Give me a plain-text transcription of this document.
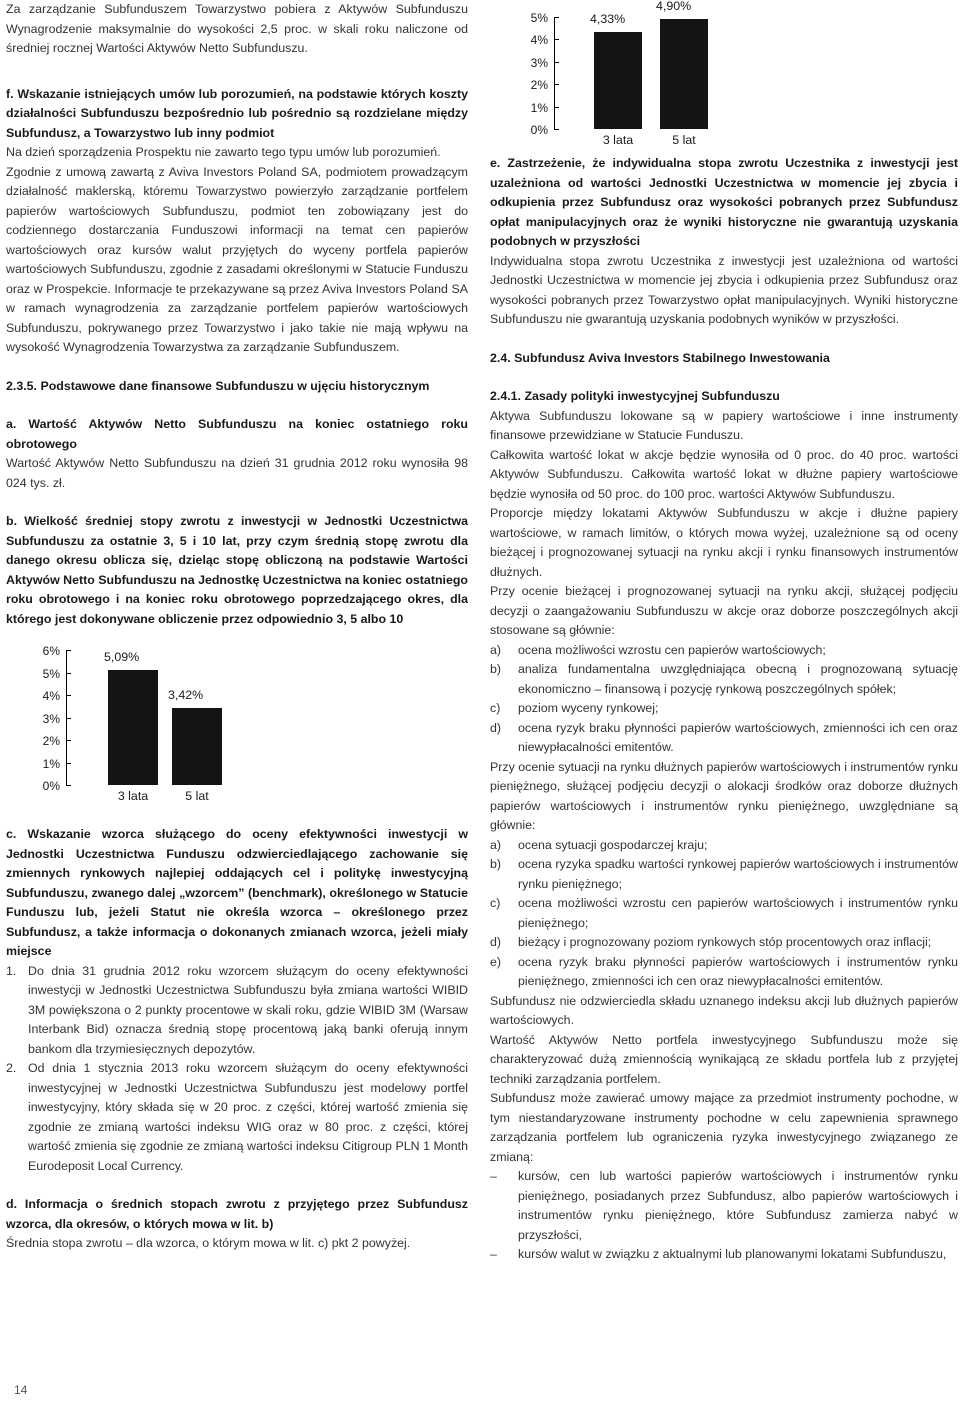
Za zarządzanie Subfunduszem Towarzystwo pobiera z Aktywów Subfunduszu Wynagrodzenie maksymalnie do wysokości 2,5 proc. w skali roku naliczone od średniej rocznej Wartości Aktywów Netto Subfunduszu.

f. Wskazanie istniejących umów lub porozumień, na podstawie których koszty działalności Subfunduszu bezpośrednio lub pośrednio są rozdzielane między Subfundusz, a Towarzystwo lub inny podmiot

Na dzień sporządzenia Prospektu nie zawarto tego typu umów lub porozumień.

Zgodnie z umową zawartą z Aviva Investors Poland SA, podmiotem prowadzącym działalność maklerską, któremu Towarzystwo powierzyło zarządzanie portfelem papierów wartościowych Subfunduszu, podmiot ten zobowiązany jest do codziennego dostarczania Funduszowi informacji na temat cen papierów wartościowych oraz kursów walut przyjętych do wyceny portfela papierów wartościowych Subfunduszu, zgodnie z zasadami określonymi w Statucie Funduszu oraz w Prospekcie. Informacje te przekazywane są przez Aviva Investors Poland SA w ramach wynagrodzenia za zarządzanie portfelem papierów wartościowych Subfunduszu, pokrywanego przez Towarzystwo i jako takie nie mają wpływu na wysokość Wynagrodzenia Towarzystwa za zarządzanie Subfunduszem.

2.3.5. Podstawowe dane finansowe Subfunduszu w ujęciu historycznym

a. Wartość Aktywów Netto Subfunduszu na koniec ostatniego roku obrotowego

Wartość Aktywów Netto Subfunduszu na dzień 31 grudnia 2012 roku wynosiła 98 024 tys. zł.

b. Wielkość średniej stopy zwrotu z inwestycji w Jednostki Uczestnictwa Subfunduszu za ostatnie 3, 5 i 10 lat, przy czym średnią stopę zwrotu dla danego okresu oblicza się, dzieląc stopę obliczoną na podstawie Wartości Aktywów Netto Subfunduszu na Jednostkę Uczestnictwa na koniec ostatniego roku obrotowego i na koniec roku obrotowego poprzedzającego okres, dla którego jest dokonywane obliczenie przez odpowiednio 3, 5 albo 10

0%
1%
2%
3%
4%
5%
6%	5,09%
3 lata
3,42%
5 lat

c. Wskazanie wzorca służącego do oceny efektywności inwestycji w Jednostki Uczestnictwa Funduszu odzwierciedlającego zachowanie się zmiennych rynkowych najlepiej oddających cel i politykę inwestycyjną Subfunduszu, zwanego dalej „wzorcem” (benchmark), określonego w Statucie Funduszu lub, jeżeli Statut nie określa wzorca – określonego przez Subfundusz, a także informacja o dokonanych zmianach wzorca, jeżeli miały miejsce

1. Do dnia 31 grudnia 2012 roku wzorcem służącym do oceny efektywności inwestycji w Jednostki Uczestnictwa Subfunduszu była zmiana wartości WIBID 3M powiększona o 2 punkty procentowe w skali roku, gdzie WIBID 3M (Warsaw Interbank Bid) oznacza średnią stopę procentową jaką banki oferują innym bankom dla trzymiesięcznych depozytów.
2. Od dnia 1 stycznia 2013 roku wzorcem służącym do oceny efektywności inwestycyjnej w Jednostki Uczestnictwa Subfunduszu jest modelowy portfel inwestycyjny, który składa się w 20 proc. z części, której wartość zmienia się zgodnie ze zmianą wartości indeksu WIG oraz w 80 proc. z części, której wartość zmienia się zgodnie ze zmianą wartości indeksu Citigroup PLN 1 Month Eurodeposit Local Currency.

d. Informacja o średnich stopach zwrotu z przyjętego przez Subfundusz wzorca, dla okresów, o których mowa w lit. b)

Średnia stopa zwrotu – dla wzorca, o którym mowa w lit. c) pkt 2 powyżej.

0%
1%
2%
3%
4%
5%	4,33%
3 lata
4,90%
5 lat

e. Zastrzeżenie, że indywidualna stopa zwrotu Uczestnika z inwestycji jest uzależniona od wartości Jednostki Uczestnictwa w momencie jej zbycia i odkupienia przez Subfundusz oraz wysokości pobranych przez Subfundusz opłat manipulacyjnych oraz że wyniki historyczne nie gwarantują uzyskania podobnych w przyszłości

Indywidualna stopa zwrotu Uczestnika z inwestycji jest uzależniona od wartości Jednostki Uczestnictwa w momencie jej zbycia i odkupienia przez Subfundusz oraz wysokości pobranych przez Towarzystwo opłat manipulacyjnych. Wyniki historyczne Subfunduszu nie gwarantują uzyskania podobnych wyników w przyszłości.

2.4. Subfundusz Aviva Investors Stabilnego Inwestowania

2.4.1. Zasady polityki inwestycyjnej Subfunduszu

Aktywa Subfunduszu lokowane są w papiery wartościowe i inne instrumenty finansowe przewidziane w Statucie Funduszu.

Całkowita wartość lokat w akcje będzie wynosiła od 0 proc. do 40 proc. wartości Aktywów Subfunduszu. Całkowita wartość lokat w dłużne papiery wartościowe będzie wynosiła od 50 proc. do 100 proc. wartości Aktywów Subfunduszu.

Proporcje między lokatami Aktywów Subfunduszu w akcje i dłużne papiery wartościowe, w ramach limitów, o których mowa wyżej, uzależnione są od oceny bieżącej i prognozowanej sytuacji na rynku akcji i rynku finansowych instrumentów dłużnych.

Przy ocenie bieżącej i prognozowanej sytuacji na rynku akcji, służącej podjęciu decyzji o zaangażowaniu Subfunduszu w akcje oraz doborze poszczególnych akcji stosowane są głównie:

a) ocena możliwości wzrostu cen papierów wartościowych;
b) analiza fundamentalna uwzględniająca obecną i prognozowaną sytuację ekonomiczno – finansową i pozycję rynkową poszczególnych spółek;
c) poziom wyceny rynkowej;
d) ocena ryzyk braku płynności papierów wartościowych, zmienności ich cen oraz niewypłacalności emitentów.

Przy ocenie sytuacji na rynku dłużnych papierów wartościowych i instrumentów rynku pieniężnego, służącej podjęciu decyzji o alokacji środków oraz doborze dłużnych papierów wartościowych i instrumentów rynku pieniężnego, uwzględniane są głównie:

a) ocena sytuacji gospodarczej kraju;
b) ocena ryzyka spadku wartości rynkowej papierów wartościowych i instrumentów rynku pieniężnego;
c) ocena możliwości wzrostu cen papierów wartościowych i instrumentów rynku pieniężnego;
d) bieżący i prognozowany poziom rynkowych stóp procentowych oraz inflacji;
e) ocena ryzyk braku płynności papierów wartościowych i instrumentów rynku pieniężnego, zmienności ich cen oraz niewypłacalności emitentów.

Subfundusz nie odzwierciedla składu uznanego indeksu akcji lub dłużnych papierów wartościowych.

Wartość Aktywów Netto portfela inwestycyjnego Subfunduszu może się charakteryzować dużą zmiennością wynikającą ze składu portfela lub z przyjętej techniki zarządzania portfelem.

Subfundusz może zawierać umowy mające za przedmiot instrumenty pochodne, w tym niestandaryzowane instrumenty pochodne w celu zapewnienia sprawnego zarządzania portfelem lub ograniczenia ryzyka inwestycyjnego związanego ze zmianą:

– kursów, cen lub wartości papierów wartościowych i instrumentów rynku pieniężnego, posiadanych przez Subfundusz, albo papierów wartościowych i instrumentów rynku pieniężnego, które Subfundusz zamierza nabyć w przyszłości,
– kursów walut w związku z aktualnymi lub planowanymi lokatami Subfunduszu,
14
